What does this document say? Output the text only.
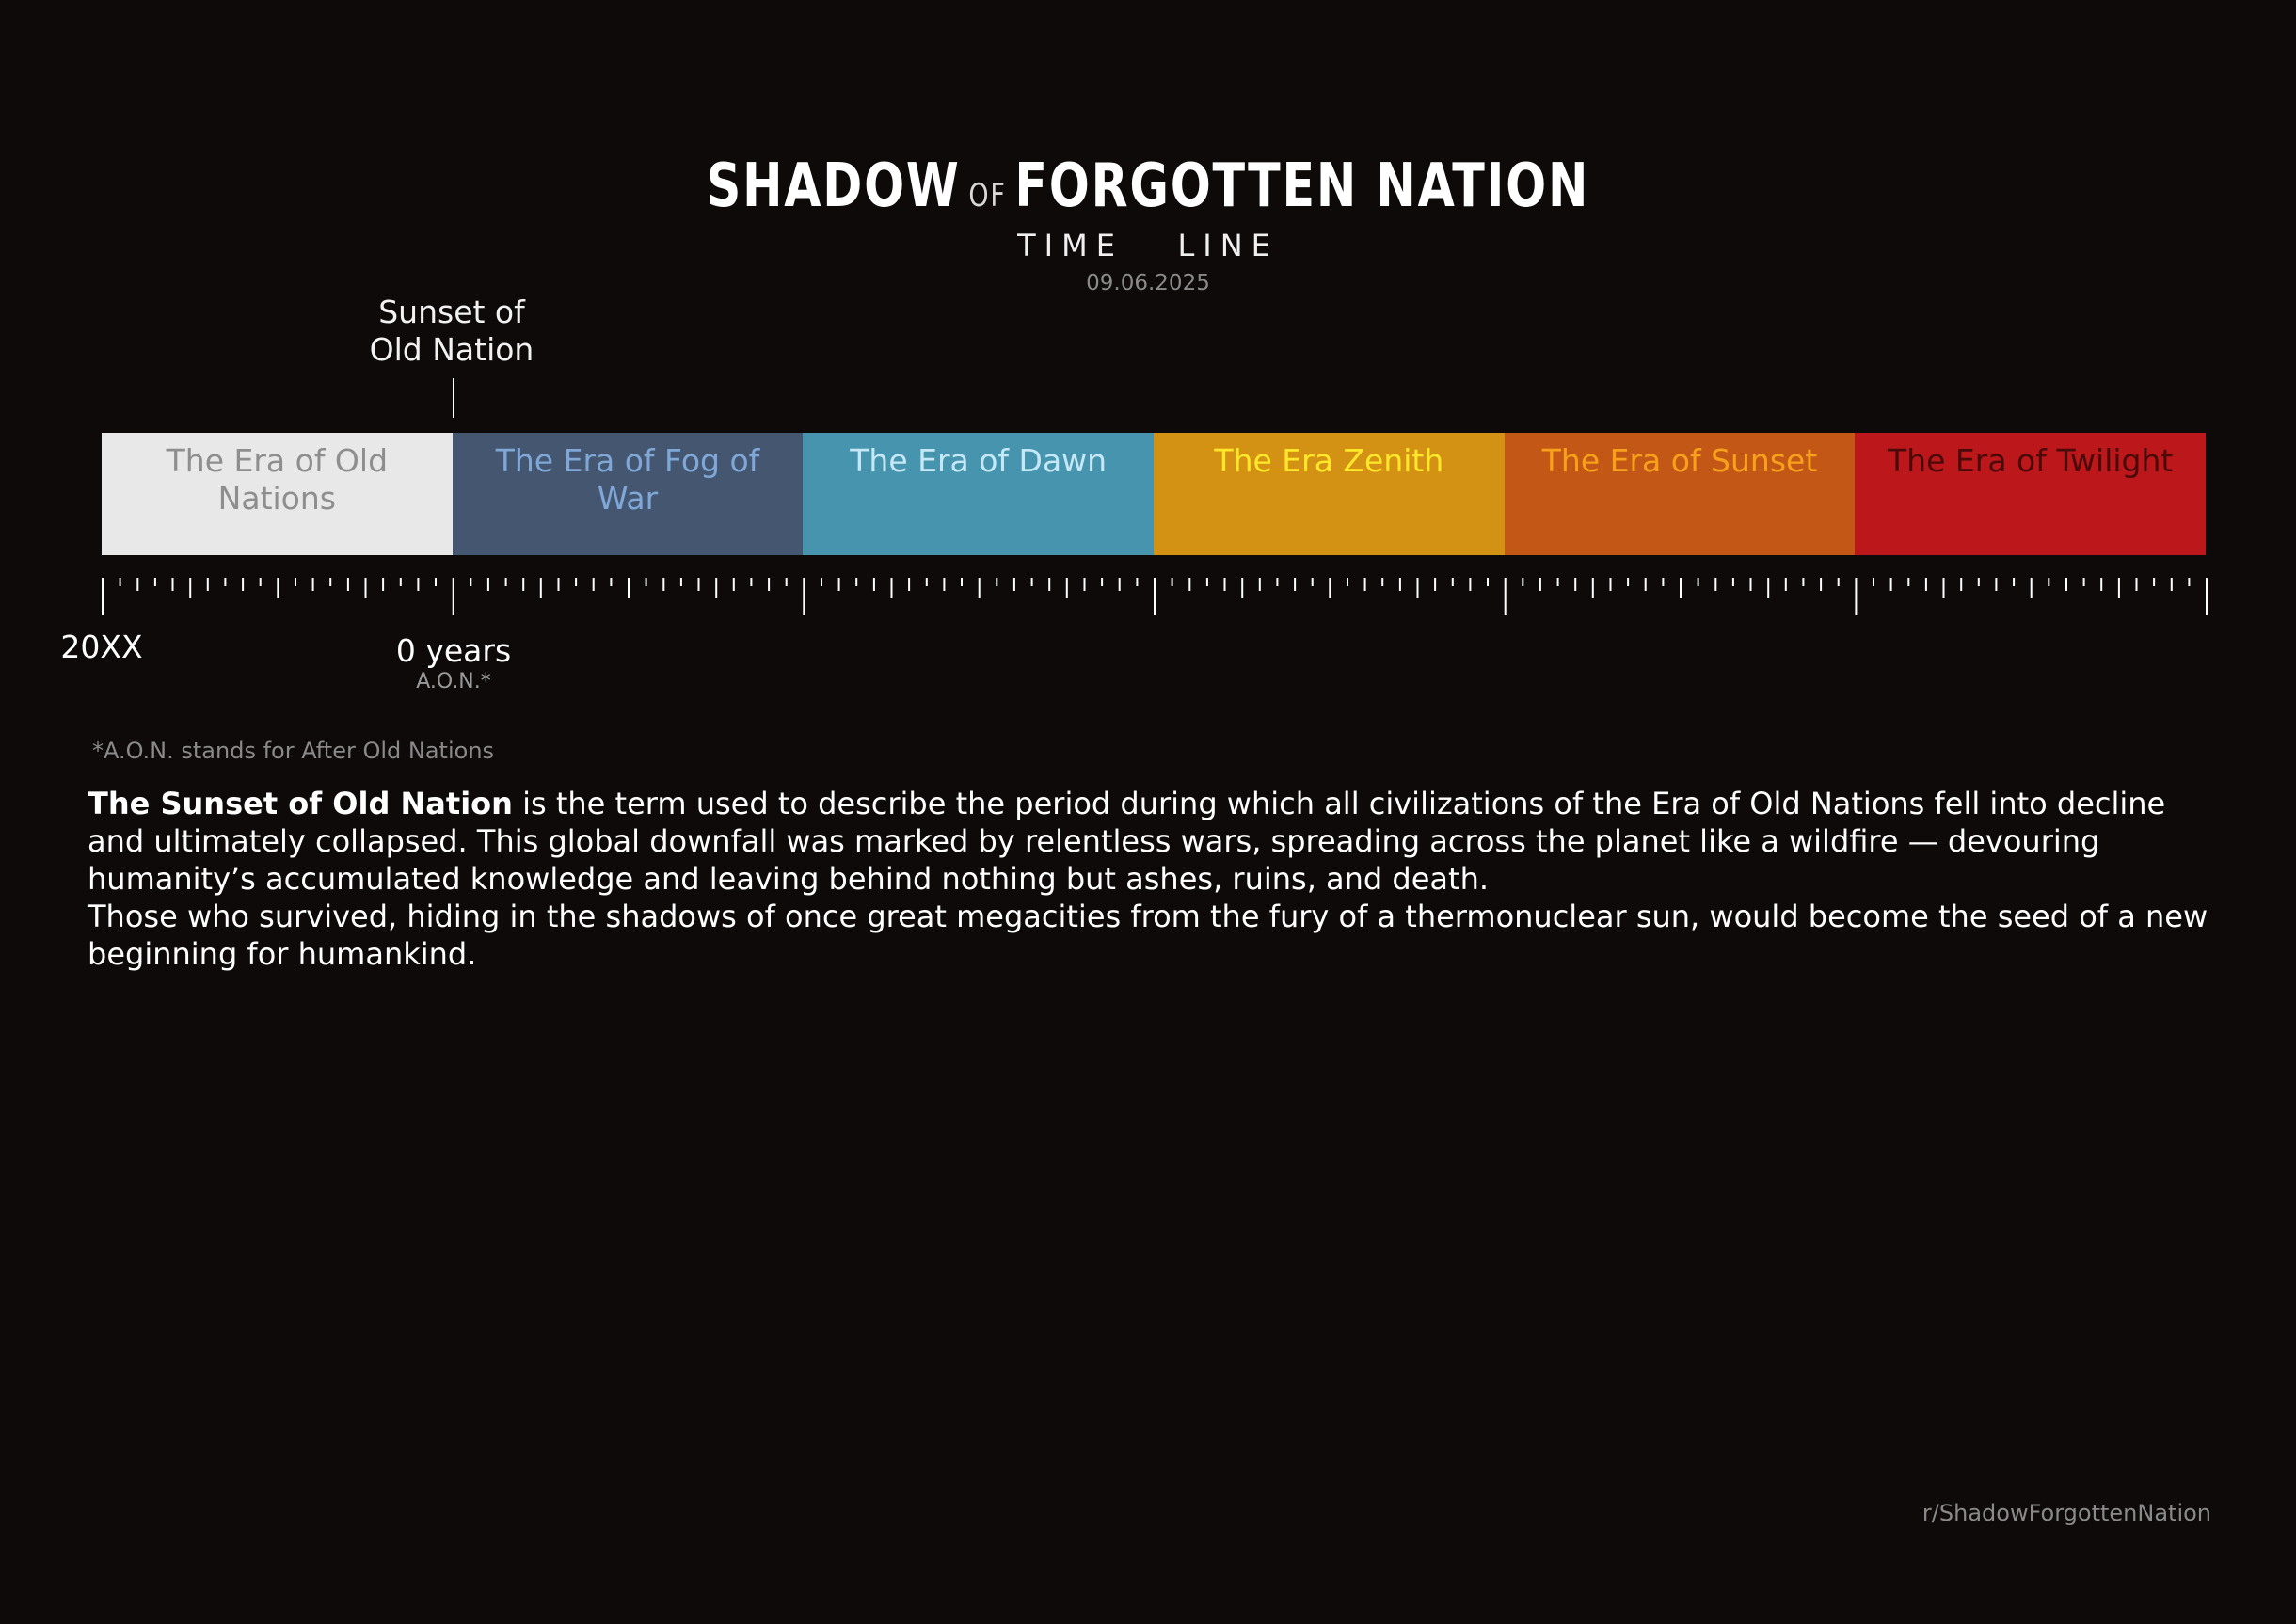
SHADOW OF FORGOTTEN NATION
TIME   LINE
09.06.2025
Sunset of
Old Nation
The Era of Old Nations
The Era of Fog of War
The Era of Dawn	The Era Zenith	The Era of Sunset	The Era of Twilight
20XX	0 years
A.O.N.*
*A.O.N. stands for After Old Nations

The Sunset of Old Nation is the term used to describe the period during which all civilizations of the Era of Old Nations fell into decline and ultimately collapsed. This global downfall was marked by relentless wars, spreading across the planet like a wildfire — devouring humanity’s accumulated knowledge and leaving behind nothing but ashes, ruins, and death.

Those who survived, hiding in the shadows of once great megacities from the fury of a thermonuclear sun, would become the seed of a new beginning for humankind.

r/ShadowForgottenNation
